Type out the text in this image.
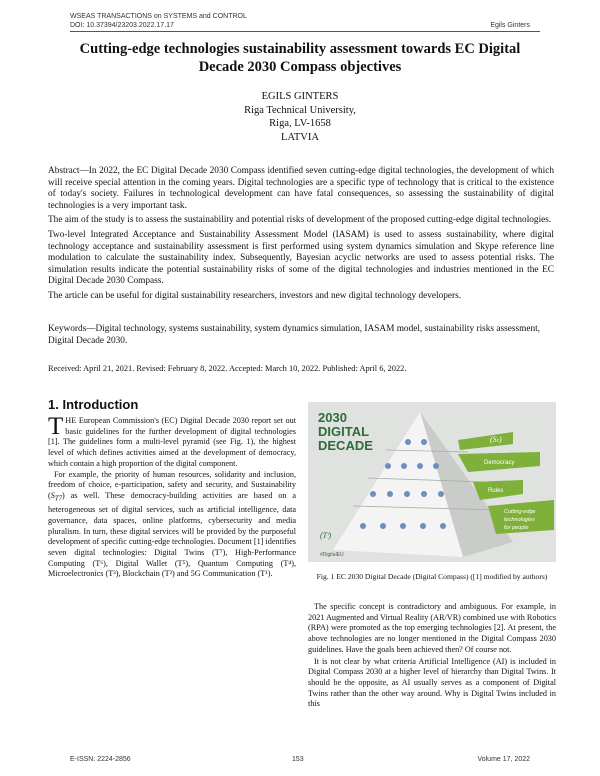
WSEAS TRANSACTIONS on SYSTEMS and CONTROL
DOI: 10.37394/23203.2022.17.17	Egils Ginters
Cutting-edge technologies sustainability assessment towards EC Digital Decade 2030 Compass objectives
EGILS GINTERS
Riga Technical University,
Riga, LV-1658
LATVIA

Abstract—In 2022, the EC Digital Decade 2030 Compass identified seven cutting-edge digital technologies, the development of which will receive special attention in the coming years. Digital technologies are a specific type of technology that is critical to the existence of today's society. Failures in technological development can have fatal consequences, so assessing the sustainability of digital technologies is a very important task.

The aim of the study is to assess the sustainability and potential risks of development of the proposed cutting-edge digital technologies.

Two-level Integrated Acceptance and Sustainability Assessment Model (IASAM) is used to assess sustainability, where digital technology acceptance and sustainability assessment is first performed using system dynamics simulation and Skype reference line modulation to calculate the sustainability index. Subsequently, Bayesian acyclic networks are used to assess potential risks. The simulation results indicate the potential sustainability risks of some of the digital technologies and industries mentioned in the EC Digital Decade 2030 Compass.

The article can be useful for digital sustainability researchers, investors and new digital technology developers.

Keywords—Digital technology, systems sustainability, system dynamics simulation, IASAM model, sustainability risks assessment, Digital Decade 2030.
Received: April 21, 2021. Revised: February 8, 2022. Accepted: March 10, 2022. Published: April 6, 2022.
1. Introduction

THE European Commission's (EC) Digital Decade 2030 report set out basic guidelines for the further development of digital technologies [1]. The guidelines form a multi-level pyramid (see Fig. 1), the highest level of which defines activities aimed at the development of democracy, which contain a high proportion of the digital component.

For example, the priority of human resources, solidarity and inclusion, freedom of choice, e-participation, safety and security, and Sustainability $(S_{T7})$ as well. These democracy-building activities are based on a heterogeneous set of digital services, such as artificial intelligence, data governance, data spaces, online platforms, cybersecurity and media pluralism. In turn, these digital services will be provided by the purposeful development of specific cutting-edge technologies. Document [1] identifies seven digital technologies: Digital Twins (T⁷), High-Performance Computing (T⁶), Digital Wallet (T⁵), Quantum Computing (T⁴), Microelectronics (T³), Blockchain (T²) and 5G Communication (T¹).

2030
DIGITAL
DECADE	(Sₜ)
Democracy
Rules
Cutting-edge
technologies
for people
(Tⁱ)
#DigitalEU
Fig. 1 EC 2030 Digital Decade (Digital Compass) ([1] modified by authors)

The specific concept is contradictory and ambiguous. For example, in 2021 Augmented and Virtual Reality (AR/VR) combined use with Robotics (RPA) were promoted as the top emerging technologies [2]. At present, the above technologies are no longer mentioned in the Digital Compass 2030 guidelines. Have the goals been achieved then? Of course not.

It is not clear by what criteria Artificial Intelligence (AI) is included in Digital Compass 2030 at a higher level of hierarchy than Digital Twins. It should be the opposite, as AI usually serves as a component of Digital Twins rather than the other way around. Why is Digital Twins included in this

E-ISSN: 2224-2856	153	Volume 17, 2022
